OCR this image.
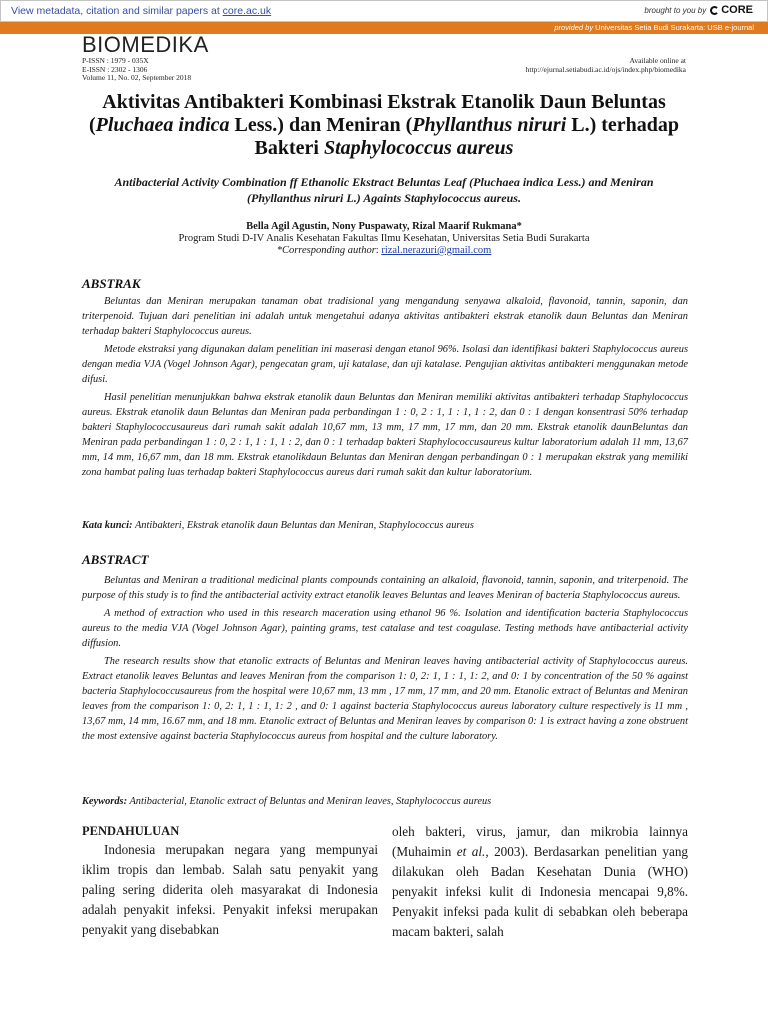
View metadata, citation and similar papers at core.ac.uk	brought to you by CORE
provided by Universitas Setia Budi Surakarta: USB e-journal
BIOMEDIKA
P-ISSN : 1979 - 035X
E-ISSN : 2302 - 1306
Volume 11, No. 02, September 2018
Available online at
http://ejurnal.setiabudi.ac.id/ojs/index.php/biomedika
Aktivitas Antibakteri Kombinasi Ekstrak Etanolik Daun Beluntas (Pluchaea indica Less.) dan Meniran (Phyllanthus niruri L.) terhadap Bakteri Staphylococcus aureus
Antibacterial Activity Combination ff Ethanolic Ekstract Beluntas Leaf (Pluchaea indica Less.) and Meniran (Phyllanthus niruri L.) Againts Staphylococcus aureus.
Bella Agil Agustin, Nony Puspawaty, Rizal Maarif Rukmana*
Program Studi D-IV Analis Kesehatan Fakultas Ilmu Kesehatan, Universitas Setia Budi Surakarta
*Corresponding author: rizal.nerazuri@gmail.com
ABSTRAK

Beluntas dan Meniran merupakan tanaman obat tradisional yang mengandung senyawa alkaloid, flavonoid, tannin, saponin, dan triterpenoid. Tujuan dari penelitian ini adalah untuk mengetahui adanya aktivitas antibakteri ekstrak etanolik daun Beluntas dan Meniran terhadap bakteri Staphylococcus aureus.

Metode ekstraksi yang digunakan dalam penelitian ini maserasi dengan etanol 96%. Isolasi dan identifikasi bakteri Staphylococcus aureus dengan media VJA (Vogel Johnson Agar), pengecatan gram, uji katalase, dan uji katalase. Pengujian aktivitas antibakteri menggunakan metode difusi.

Hasil penelitian menunjukkan bahwa ekstrak etanolik daun Beluntas dan Meniran memiliki aktivitas antibakteri terhadap Staphylococcus aureus. Ekstrak etanolik daun Beluntas dan Meniran pada perbandingan 1 : 0, 2 : 1, 1 : 1, 1 : 2, dan 0 : 1 dengan konsentrasi 50% terhadap bakteri Staphylococcusaureus dari rumah sakit adalah 10,67 mm, 13 mm, 17 mm, 17 mm, dan 20 mm. Ekstrak etanolik daunBeluntas dan Meniran pada perbandingan 1 : 0, 2 : 1, 1 : 1, 1 : 2, dan 0 : 1 terhadap bakteri Staphylococcusaureus kultur laboratorium adalah 11 mm, 13,67 mm, 14 mm, 16,67 mm, dan 18 mm. Ekstrak etanolikdaun Beluntas dan Meniran dengan perbandingan 0 : 1 merupakan ekstrak yang memiliki zona hambat paling luas terhadap bakteri Staphylococcus aureus dari rumah sakit dan kultur laboratorium.

Kata kunci: Antibakteri, Ekstrak etanolik daun Beluntas dan Meniran, Staphylococcus aureus
ABSTRACT

Beluntas and Meniran a traditional medicinal plants compounds containing an alkaloid, flavonoid, tannin, saponin, and triterpenoid. The purpose of this study is to find the antibacterial activity extract etanolik leaves Beluntas and leaves Meniran of bacteria Staphylococcus aureus.

A method of extraction who used in this research maceration using ethanol 96 %. Isolation and identification bacteria Staphylococcus aureus to the media VJA (Vogel Johnson Agar), painting grams, test catalase and test coagulase. Testing methods have antibacterial activity diffusion.

The research results show that etanolic extracts of Beluntas and Meniran leaves having antibacterial activity of Staphylococcus aureus. Extract etanolik leaves Beluntas and leaves Meniran from the comparison 1: 0, 2: 1, 1 : 1, 1: 2, and 0: 1 by concentration of the 50 % against bacteria Staphylococcusaureus from the hospital were 10,67 mm, 13 mm , 17 mm, 17 mm, and 20 mm. Etanolic extract of Beluntas and Meniran leaves from the comparison 1: 0, 2: 1, 1 : 1, 1: 2 , and 0: 1 against bacteria Staphylococcus aureus laboratory culture respectively is 11 mm , 13,67 mm, 14 mm, 16.67 mm, and 18 mm. Etanolic extract of Beluntas and Meniran leaves by comparison 0: 1 is extract having a zone obstruent the most extensive against bacteria Staphylococcus aureus from hospital and the culture laboratory.

Keywords: Antibacterial, Etanolic extract of Beluntas and Meniran leaves, Staphylococcus aureus
PENDAHULUAN

Indonesia merupakan negara yang mempunyai iklim tropis dan lembab. Salah satu penyakit yang paling sering diderita oleh masyarakat di Indonesia adalah penyakit infeksi. Penyakit infeksi merupakan penyakit yang disebabkan

oleh bakteri, virus, jamur, dan mikrobia lainnya (Muhaimin et al., 2003). Berdasarkan penelitian yang dilakukan oleh Badan Kesehatan Dunia (WHO) penyakit infeksi kulit di Indonesia mencapai 9,8%. Penyakit infeksi pada kulit di sebabkan oleh beberapa macam bakteri, salah
